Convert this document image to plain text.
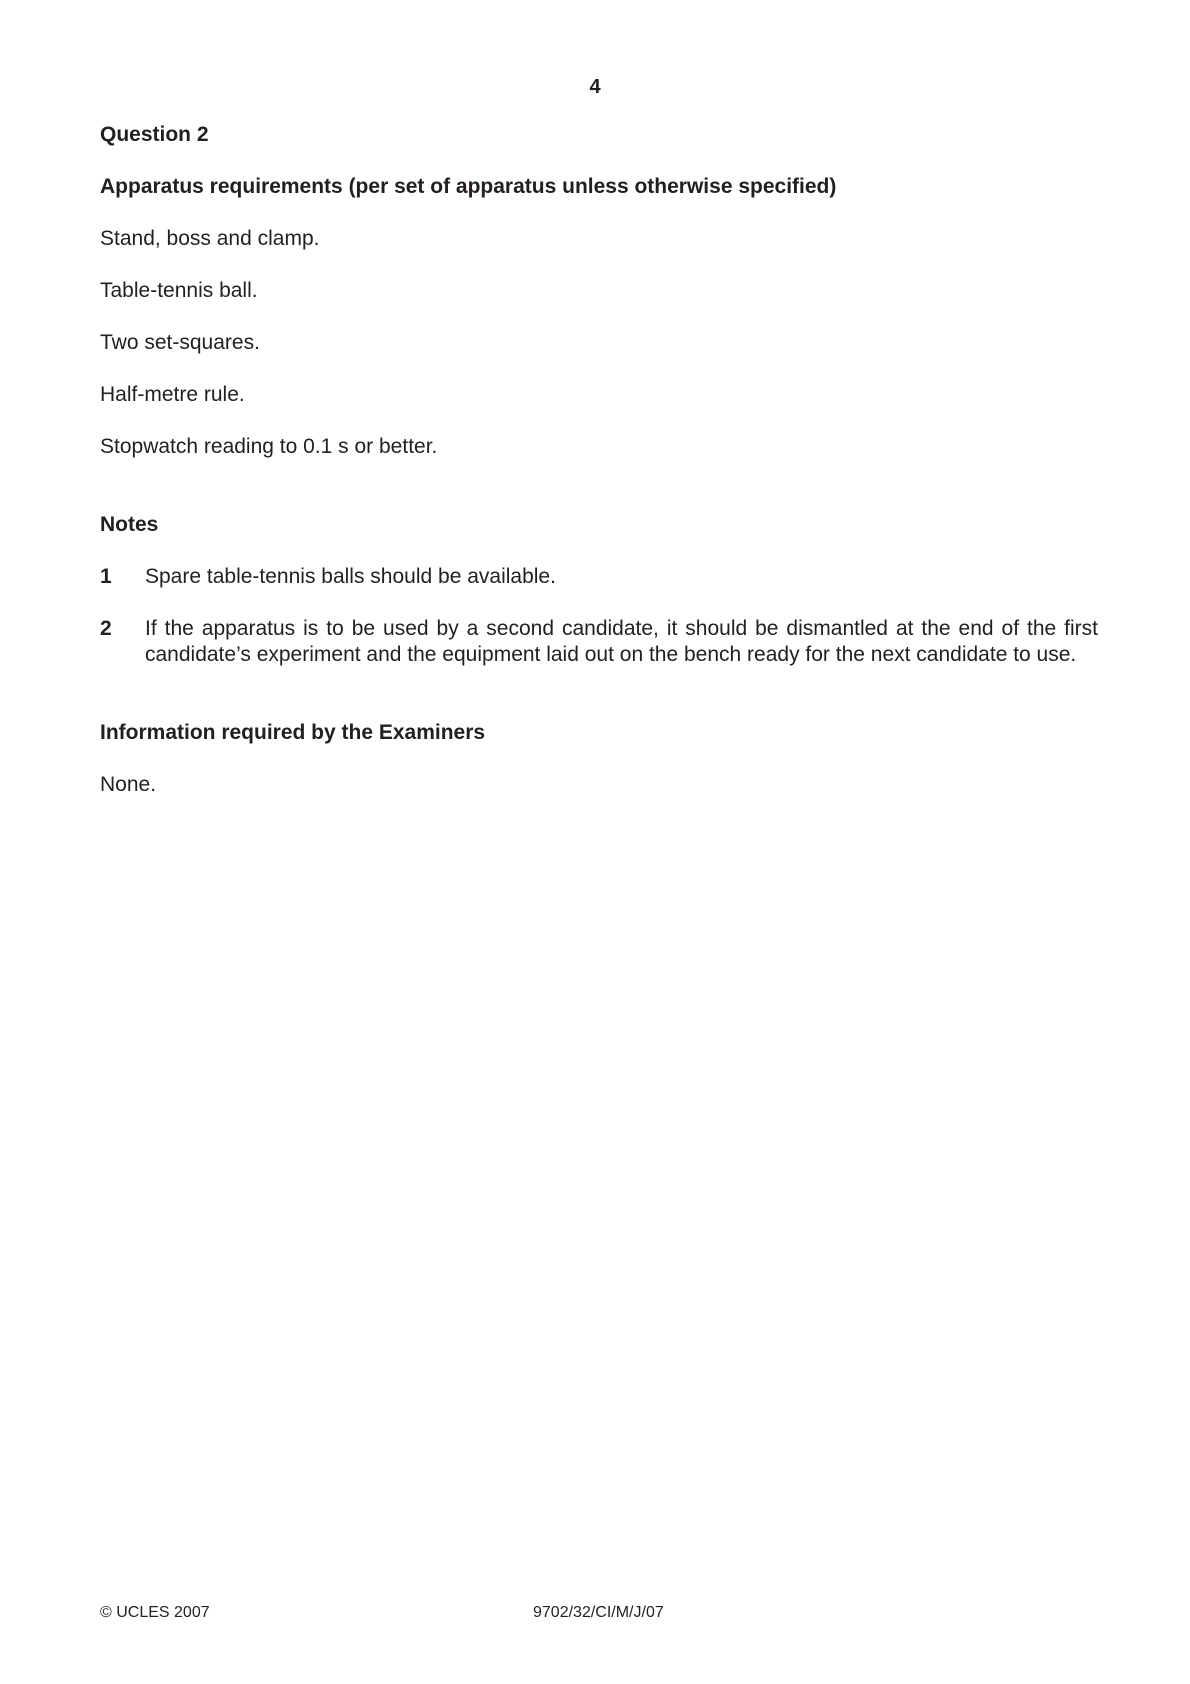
4

Question 2

Apparatus requirements (per set of apparatus unless otherwise specified)

Stand, boss and clamp.

Table-tennis ball.

Two set-squares.

Half-metre rule.

Stopwatch reading to 0.1 s or better.

Notes

1	Spare table-tennis balls should be available.
2	If the apparatus is to be used by a second candidate, it should be dismantled at the end of the first candidate’s experiment and the equipment laid out on the bench ready for the next candidate to use.

Information required by the Examiners

None.

© UCLES 2007	9702/32/CI/M/J/07
